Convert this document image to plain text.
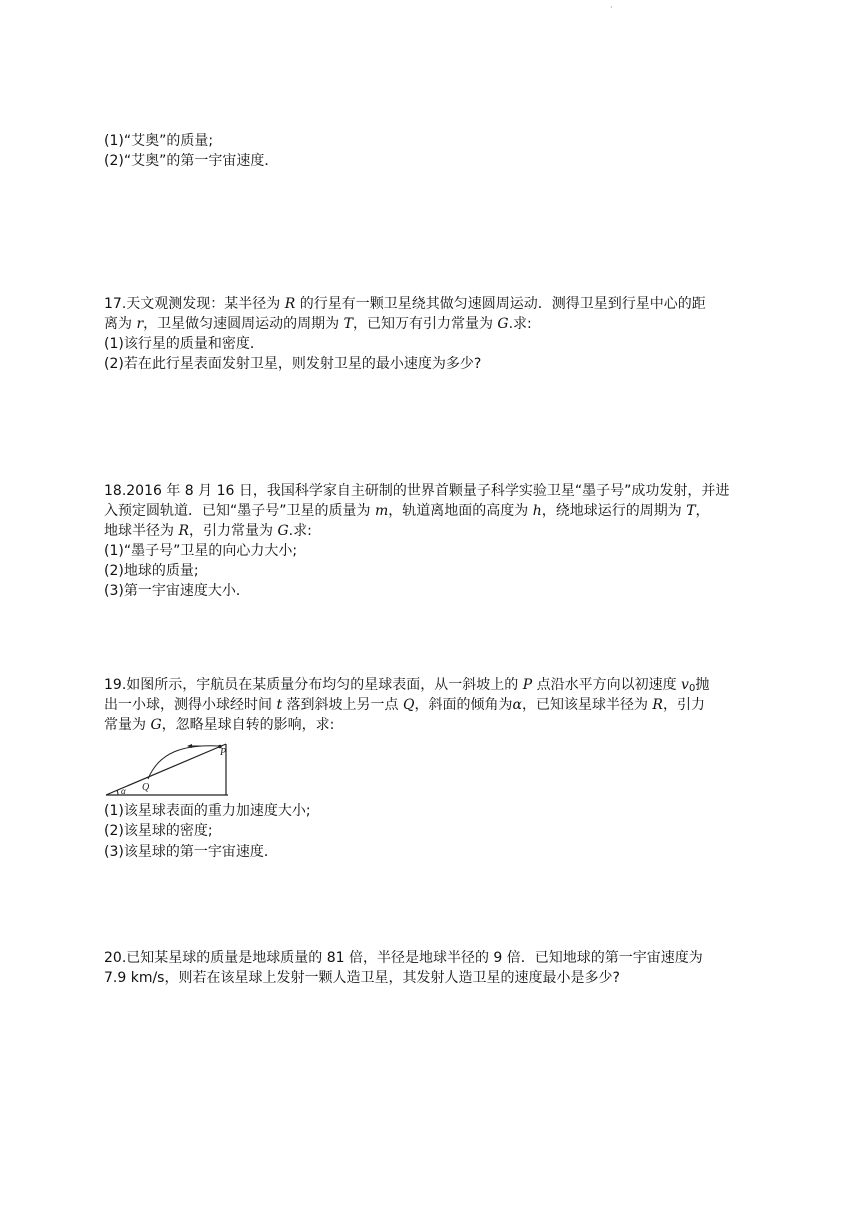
·
(1)“艾奥”的质量;
(2)“艾奥”的第一宇宙速度．
17.天文观测发现：某半径为 R 的行星有一颗卫星绕其做匀速圆周运动．测得卫星到行星中心的距
离为 r，卫星做匀速圆周运动的周期为 T，已知万有引力常量为 G.求:
(1)该行星的质量和密度．
(2)若在此行星表面发射卫星，则发射卫星的最小速度为多少?
18.2016 年 8 月 16 日，我国科学家自主研制的世界首颗量子科学实验卫星“墨子号”成功发射，并进
入预定圆轨道．已知“墨子号”卫星的质量为 m，轨道离地面的高度为 h，绕地球运行的周期为 T，
地球半径为 R，引力常量为 G.求:
(1)“墨子号”卫星的向心力大小;
(2)地球的质量;
(3)第一宇宙速度大小．
19.如图所示，宇航员在某质量分布均匀的星球表面，从一斜坡上的 P 点沿水平方向以初速度 $v_0$抛
出一小球，测得小球经时间 t 落到斜坡上另一点 Q，斜面的倾角为α，已知该星球半径为 R，引力
常量为 G，忽略星球自转的影响，求:
P
Q
α
(1)该星球表面的重力加速度大小;
(2)该星球的密度;
(3)该星球的第一宇宙速度．
20.已知某星球的质量是地球质量的 81 倍，半径是地球半径的 9 倍．已知地球的第一宇宙速度为
7.9 km/s，则若在该星球上发射一颗人造卫星，其发射人造卫星的速度最小是多少?
